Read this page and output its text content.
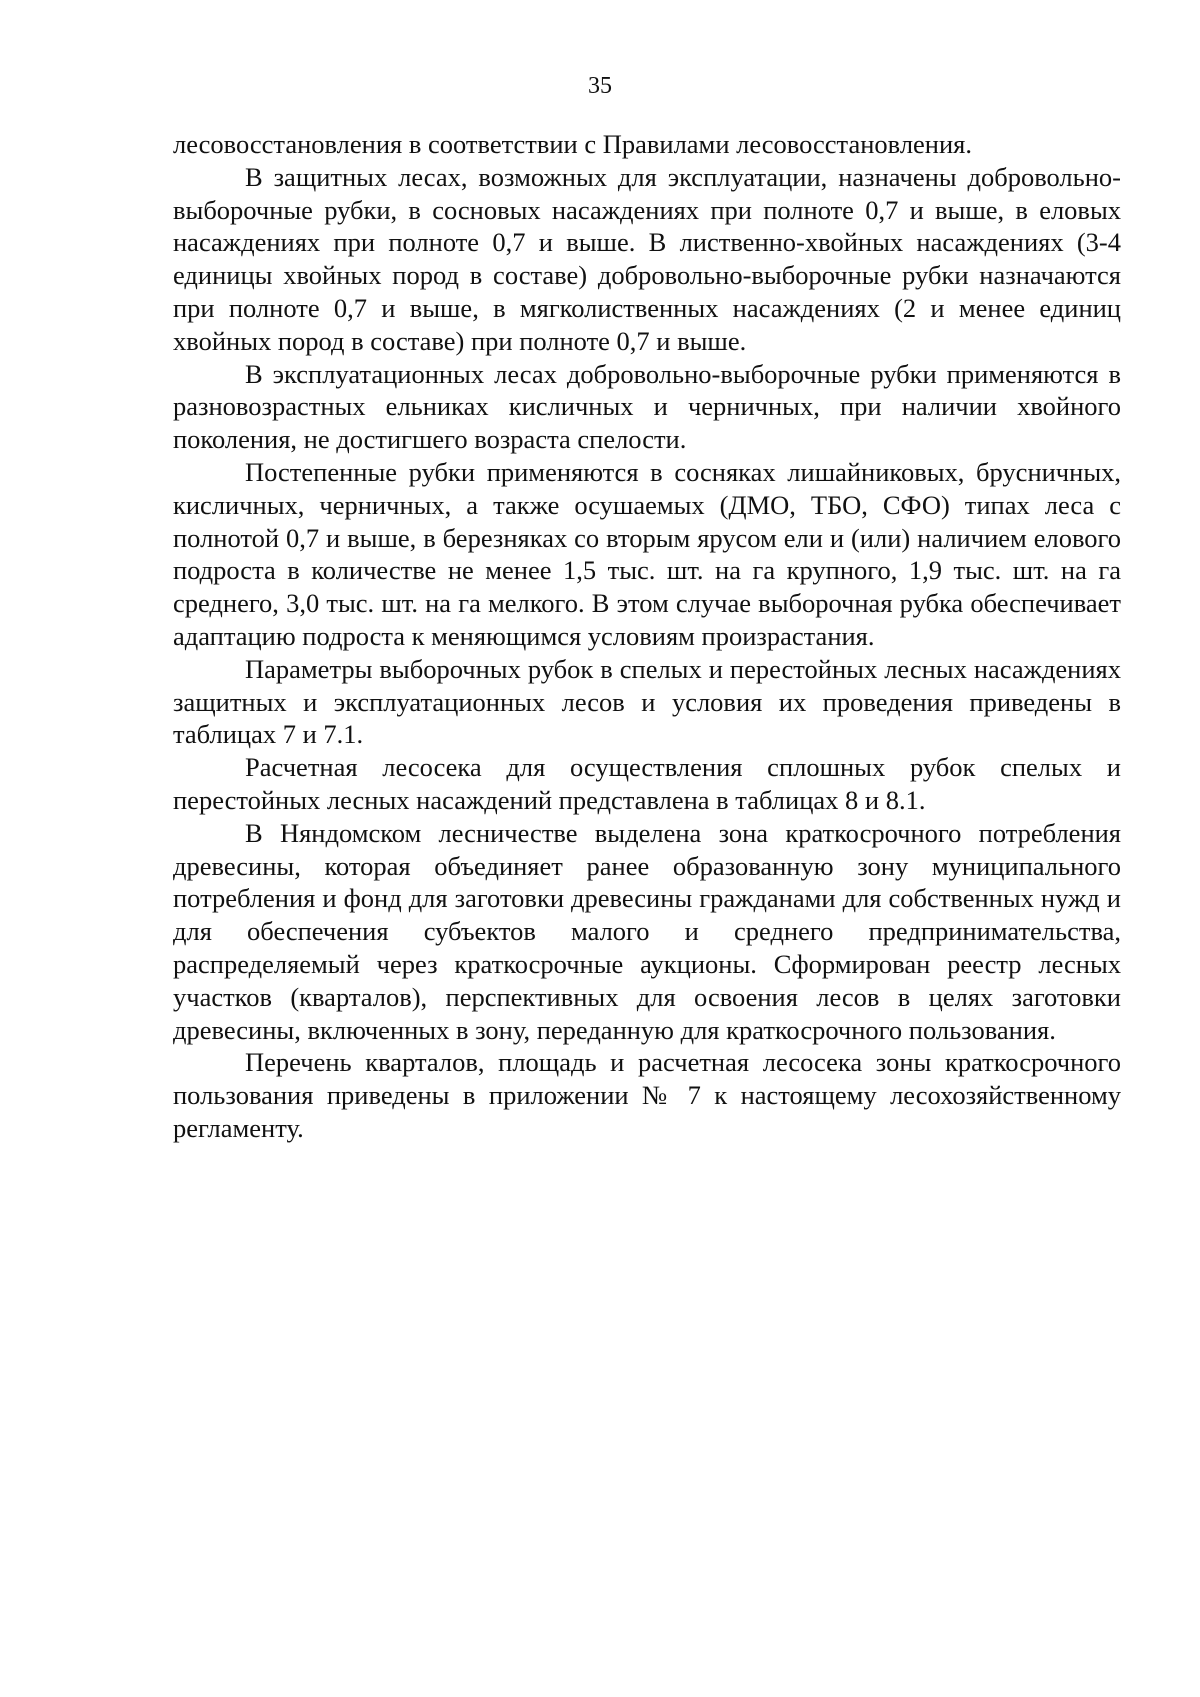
35

лесовосстановления в соответствии с Правилами лесовосстановления.

В защитных лесах, возможных для эксплуатации, назначены добровольно-выборочные рубки, в сосновых насаждениях при полноте 0,7 и выше, в еловых насаждениях при полноте 0,7 и выше. В лиственно-хвойных насаждениях (3-4 единицы хвойных пород в составе) добровольно-выборочные рубки назначаются при полноте 0,7 и выше, в мягколиственных насаждениях (2 и менее единиц хвойных пород в составе) при полноте 0,7 и выше.

В эксплуатационных лесах добровольно-выборочные рубки применяются в разновозрастных ельниках кисличных и черничных, при наличии хвойного поколения, не достигшего возраста спелости.

Постепенные рубки применяются в сосняках лишайниковых, брусничных, кисличных, черничных, а также осушаемых (ДМО, ТБО, СФО) типах леса с полнотой 0,7 и выше, в березняках со вторым ярусом ели и (или) наличием елового подроста в количестве не менее 1,5 тыс. шт. на га крупного, 1,9 тыс. шт. на га среднего, 3,0 тыс. шт. на га мелкого. В этом случае выборочная рубка обеспечивает адаптацию подроста к меняющимся условиям произрастания.

Параметры выборочных рубок в спелых и перестойных лесных насаждениях защитных и эксплуатационных лесов и условия их проведения приведены в таблицах 7 и 7.1.

Расчетная лесосека для осуществления сплошных рубок спелых и перестойных лесных насаждений представлена в таблицах 8 и 8.1.

В Няндомском лесничестве выделена зона краткосрочного потребления древесины, которая объединяет ранее образованную зону муниципального потребления и фонд для заготовки древесины гражданами для собственных нужд и для обеспечения субъектов малого и среднего предпринимательства, распределяемый через краткосрочные аукционы. Сформирован реестр лесных участков (кварталов), перспективных для освоения лесов в целях заготовки древесины, включенных в зону, переданную для краткосрочного пользования.

Перечень кварталов, площадь и расчетная лесосека зоны краткосрочного пользования приведены в приложении № 7 к настоящему лесохозяйственному регламенту.
